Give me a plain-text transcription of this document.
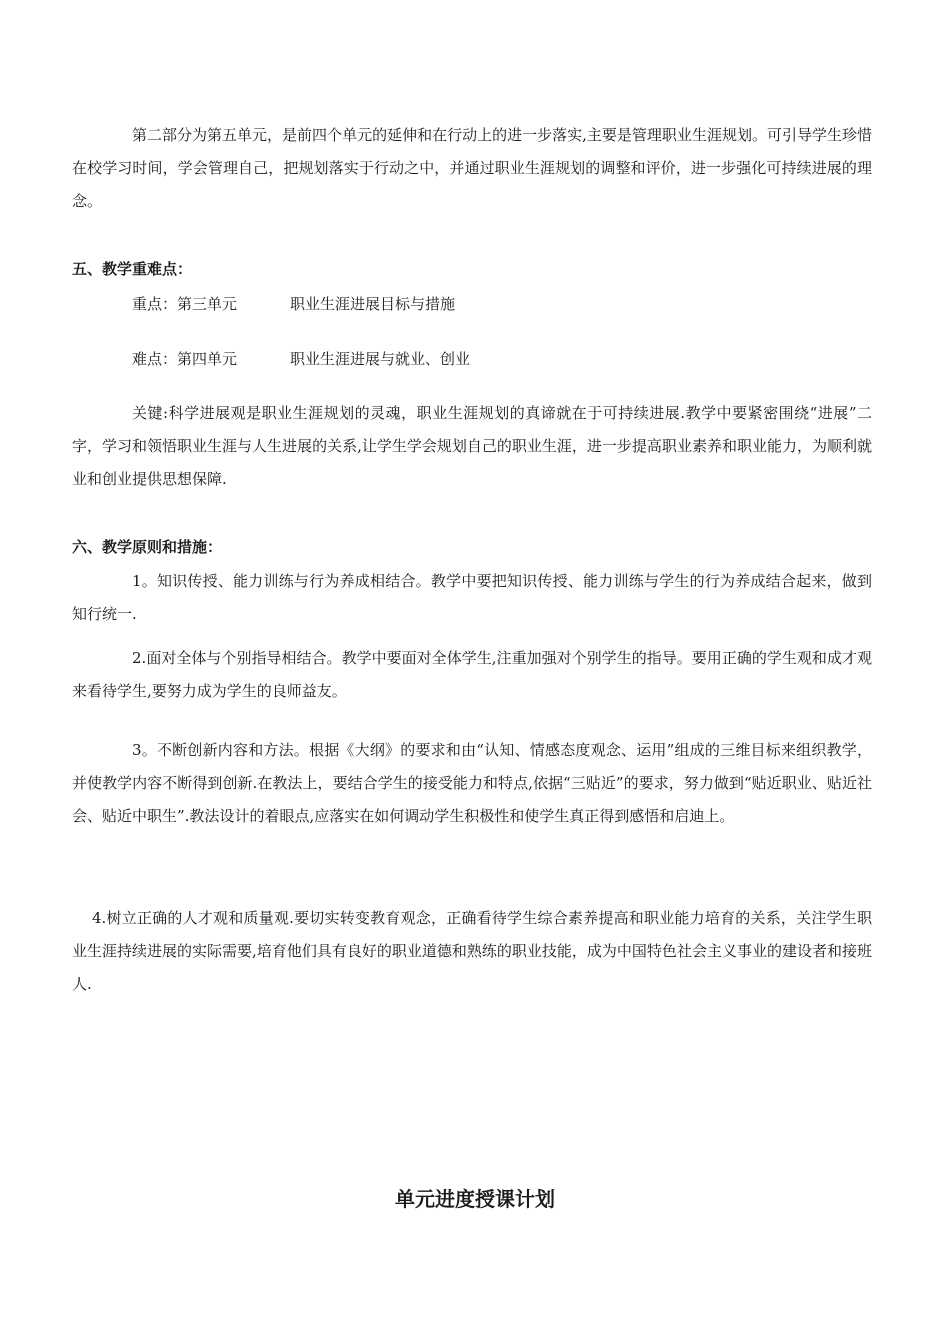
第二部分为第五单元，是前四个单元的延伸和在行动上的进一步落实,主要是管理职业生涯规划。可引导学生珍惜在校学习时间，学会管理自己，把规划落实于行动之中，并通过职业生涯规划的调整和评价，进一步强化可持续进展的理念。

五、教学重难点：

重点：第三单元	职业生涯进展目标与措施

难点：第四单元	职业生涯进展与就业、创业

关键:科学进展观是职业生涯规划的灵魂，职业生涯规划的真谛就在于可持续进展.教学中要紧密围绕“进展”二字，学习和领悟职业生涯与人生进展的关系,让学生学会规划自己的职业生涯，进一步提高职业素养和职业能力，为顺利就业和创业提供思想保障.

六、教学原则和措施：

1。知识传授、能力训练与行为养成相结合。教学中要把知识传授、能力训练与学生的行为养成结合起来，做到知行统一.

2.面对全体与个别指导相结合。教学中要面对全体学生,注重加强对个别学生的指导。要用正确的学生观和成才观来看待学生,要努力成为学生的良师益友。

3。不断创新内容和方法。根据《大纲》的要求和由“认知、情感态度观念、运用”组成的三维目标来组织教学，并使教学内容不断得到创新.在教法上，要结合学生的接受能力和特点,依据“三贴近”的要求，努力做到“贴近职业、贴近社会、贴近中职生”.教法设计的着眼点,应落实在如何调动学生积极性和使学生真正得到感悟和启迪上。

4.树立正确的人才观和质量观.要切实转变教育观念，正确看待学生综合素养提高和职业能力培育的关系，关注学生职业生涯持续进展的实际需要,培育他们具有良好的职业道德和熟练的职业技能，成为中国特色社会主义事业的建设者和接班人.

单元进度授课计划
